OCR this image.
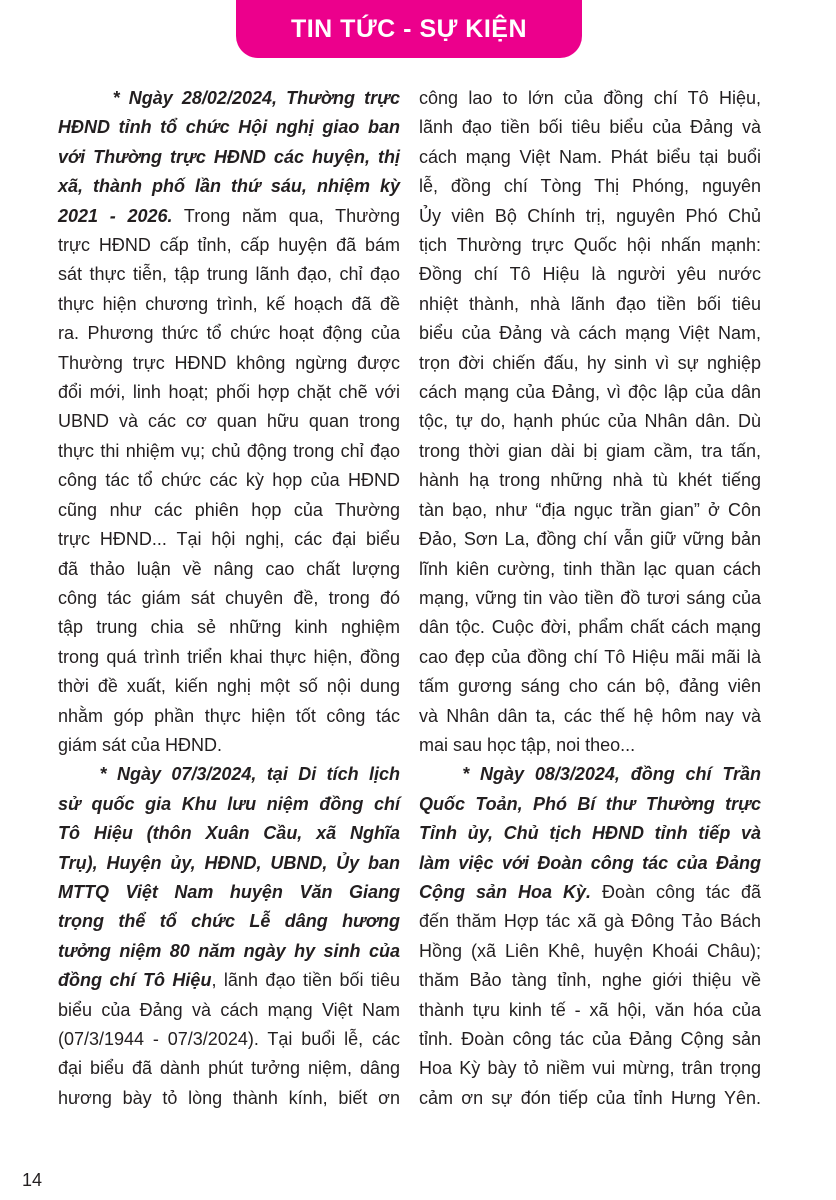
TIN TỨC - SỰ KIỆN
* Ngày 28/02/2024, Thường trực
HĐND tỉnh tổ chức Hội nghị giao ban
với Thường trực HĐND các huyện, thị
xã, thành phố lần thứ sáu, nhiệm kỳ
2021 - 2026. Trong năm qua, Thường
trực HĐND cấp tỉnh, cấp huyện đã bám
sát thực tiễn, tập trung lãnh đạo, chỉ đạo
thực hiện chương trình, kế hoạch đã đề
ra. Phương thức tổ chức hoạt động của
Thường trực HĐND không ngừng được
đổi mới, linh hoạt; phối hợp chặt chẽ với
UBND và các cơ quan hữu quan trong
thực thi nhiệm vụ; chủ động trong chỉ đạo
công tác tổ chức các kỳ họp của HĐND
cũng như các phiên họp của Thường
trực HĐND... Tại hội nghị, các đại biểu
đã thảo luận về nâng cao chất lượng
công tác giám sát chuyên đề, trong đó
tập trung chia sẻ những kinh nghiệm
trong quá trình triển khai thực hiện, đồng
thời đề xuất, kiến nghị một số nội dung
nhằm góp phần thực hiện tốt công tác
giám sát của HĐND.
* Ngày 07/3/2024, tại Di tích lịch
sử quốc gia Khu lưu niệm đồng chí
Tô Hiệu (thôn Xuân Cầu, xã Nghĩa
Trụ), Huyện ủy, HĐND, UBND, Ủy ban
MTTQ Việt Nam huyện Văn Giang
trọng thể tổ chức Lễ dâng hương
tưởng niệm 80 năm ngày hy sinh của
đồng chí Tô Hiệu, lãnh đạo tiền bối tiêu
biểu của Đảng và cách mạng Việt Nam
(07/3/1944 - 07/3/2024). Tại buổi lễ, các
đại biểu đã dành phút tưởng niệm, dâng
hương bày tỏ lòng thành kính, biết ơn
công lao to lớn của đồng chí Tô Hiệu,
lãnh đạo tiền bối tiêu biểu của Đảng và
cách mạng Việt Nam. Phát biểu tại buổi
lễ, đồng chí Tòng Thị Phóng, nguyên
Ủy viên Bộ Chính trị, nguyên Phó Chủ
tịch Thường trực Quốc hội nhấn mạnh:
Đồng chí Tô Hiệu là người yêu nước
nhiệt thành, nhà lãnh đạo tiền bối tiêu
biểu của Đảng và cách mạng Việt Nam,
trọn đời chiến đấu, hy sinh vì sự nghiệp
cách mạng của Đảng, vì độc lập của dân
tộc, tự do, hạnh phúc của Nhân dân. Dù
trong thời gian dài bị giam cầm, tra tấn,
hành hạ trong những nhà tù khét tiếng
tàn bạo, như “địa ngục trần gian” ở Côn
Đảo, Sơn La, đồng chí vẫn giữ vững bản
lĩnh kiên cường, tinh thần lạc quan cách
mạng, vững tin vào tiền đồ tươi sáng của
dân tộc. Cuộc đời, phẩm chất cách mạng
cao đẹp của đồng chí Tô Hiệu mãi mãi là
tấm gương sáng cho cán bộ, đảng viên
và Nhân dân ta, các thế hệ hôm nay và
mai sau học tập, noi theo...
* Ngày 08/3/2024, đồng chí Trần
Quốc Toản, Phó Bí thư Thường trực
Tỉnh ủy, Chủ tịch HĐND tỉnh tiếp và
làm việc với Đoàn công tác của Đảng
Cộng sản Hoa Kỳ. Đoàn công tác đã
đến thăm Hợp tác xã gà Đông Tảo Bách
Hồng (xã Liên Khê, huyện Khoái Châu);
thăm Bảo tàng tỉnh, nghe giới thiệu về
thành tựu kinh tế - xã hội, văn hóa của
tỉnh. Đoàn công tác của Đảng Cộng sản
Hoa Kỳ bày tỏ niềm vui mừng, trân trọng
cảm ơn sự đón tiếp của tỉnh Hưng Yên.
14
